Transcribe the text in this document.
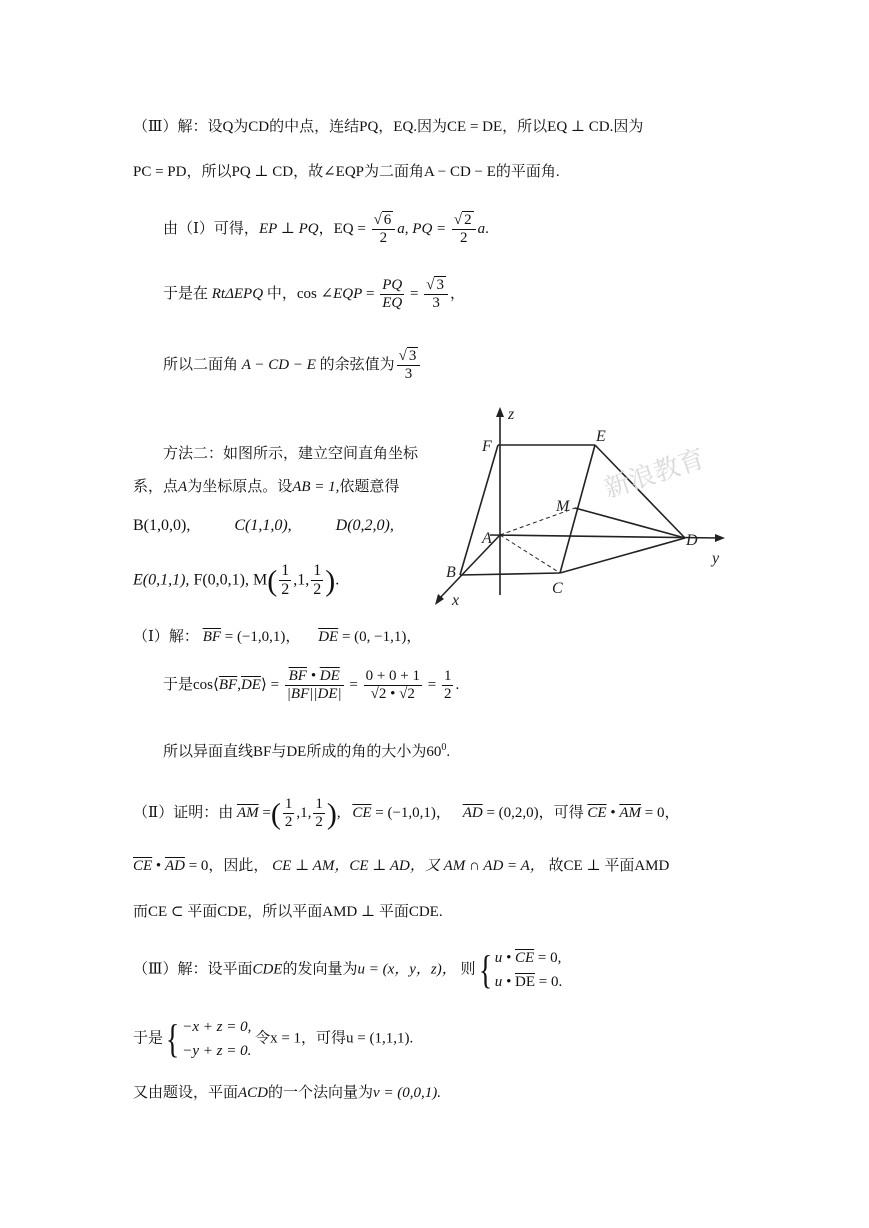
（Ⅲ）解：设Q为CD的中点，连结PQ，EQ.因为CE = DE，所以EQ ⊥ CD.因为
PC = PD，所以PQ ⊥ CD，故∠EQP为二面角A − CD − E的平面角.
由（Ⅰ）可得，EP ⊥ PQ，EQ = $\frac{√ 6}{2} a$, PQ = $\frac{√ 2}{2} a$.
于是在 RtΔEPQ 中，cos ∠EQP = $\frac{PQ}{EQ} = \frac{√ 3}{3}$ ，
所以二面角 A − CD − E 的余弦值为 $\frac{√ 3}{3}$
方法二：如图所示，建立空间直角坐标
系，点A为坐标原点。设AB = 1,依题意得
B(1,0,0),	C(1,1,0),	D(0,2,0),
E(0,1,1), F(0,0,1), $M( \frac{1}{2} ,1$, $\frac{1}{2}$ ).
z
y
x
F
E
M
A
B
C
D
新浪教育
（Ⅰ）解： $\overline{BF} = (-1,0,1)$， $\overline{DE} = (0$, −1,1)，
于是$\cos⟨\overline{BF},\overline{DE}⟩ = \frac{\overline{BF} • \overline{DE}}{|\overline{BF}||\overline{DE}|} = \frac{0 + 0 + 1}{√2 • √2} = \frac{1}{2}$ .
所以异面直线BF与DE所成的角的大小为$60^0$.
（Ⅱ）证明：由 $\overline{AM}$ =( $\frac{1}{2} ,1$, $\frac{1}{2}$ ), $\overline{CE} = (-1,0,1)$， $\overline{AD} = (0,2,0)$，可得 $\overline{CE}$ • $\overline{AM} = 0$，
$\overline{CE}$ • $\overline{AD} = 0$，因此， CE ⊥ AM，CE ⊥ AD，又 AM ∩ AD = A， 故CE ⊥ 平面AMD
而CE ⊂ 平面CDE，所以平面AMD ⊥ 平面CDE.
（Ⅲ）解：设平面CDE的发向量为u = (x，y，z)， 则{ u • $\overline{CE} = 0$,
u • $\overline{DE} = 0$.
于是{ −x + z = 0,
−y + z = 0.
令x = 1，可得u = (1,1,1).
又由题设，平面ACD的一个法向量为v = (0,0,1).
